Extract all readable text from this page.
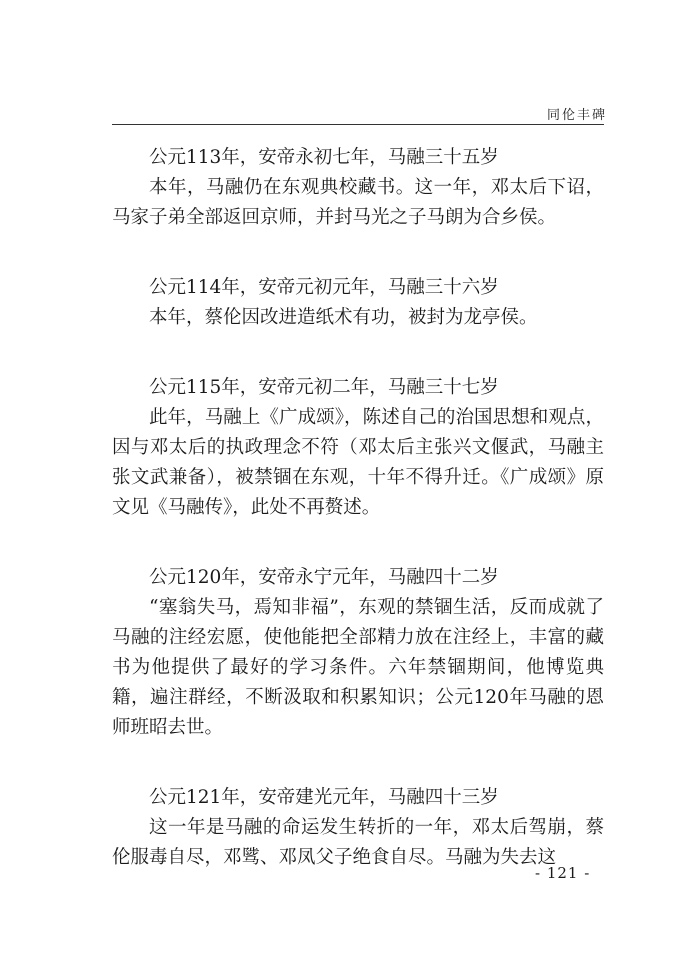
同伦丰碑

公元113年，安帝永初七年，马融三十五岁

本年，马融仍在东观典校藏书。这一年，邓太后下诏，马家子弟全部返回京师，并封马光之子马朗为合乡侯。

公元114年，安帝元初元年，马融三十六岁

本年，蔡伦因改进造纸术有功，被封为龙亭侯。

公元115年，安帝元初二年，马融三十七岁

此年，马融上《广成颂》，陈述自己的治国思想和观点，因与邓太后的执政理念不符（邓太后主张兴文偃武，马融主张文武兼备），被禁锢在东观，十年不得升迁。《广成颂》原文见《马融传》，此处不再赘述。

公元120年，安帝永宁元年，马融四十二岁

“塞翁失马，焉知非福”，东观的禁锢生活，反而成就了马融的注经宏愿，使他能把全部精力放在注经上，丰富的藏书为他提供了最好的学习条件。六年禁锢期间，他博览典籍，遍注群经，不断汲取和积累知识；公元120年马融的恩师班昭去世。

公元121年，安帝建光元年，马融四十三岁

这一年是马融的命运发生转折的一年，邓太后驾崩，蔡伦服毒自尽，邓骘、邓凤父子绝食自尽。马融为失去这

- 121 -
